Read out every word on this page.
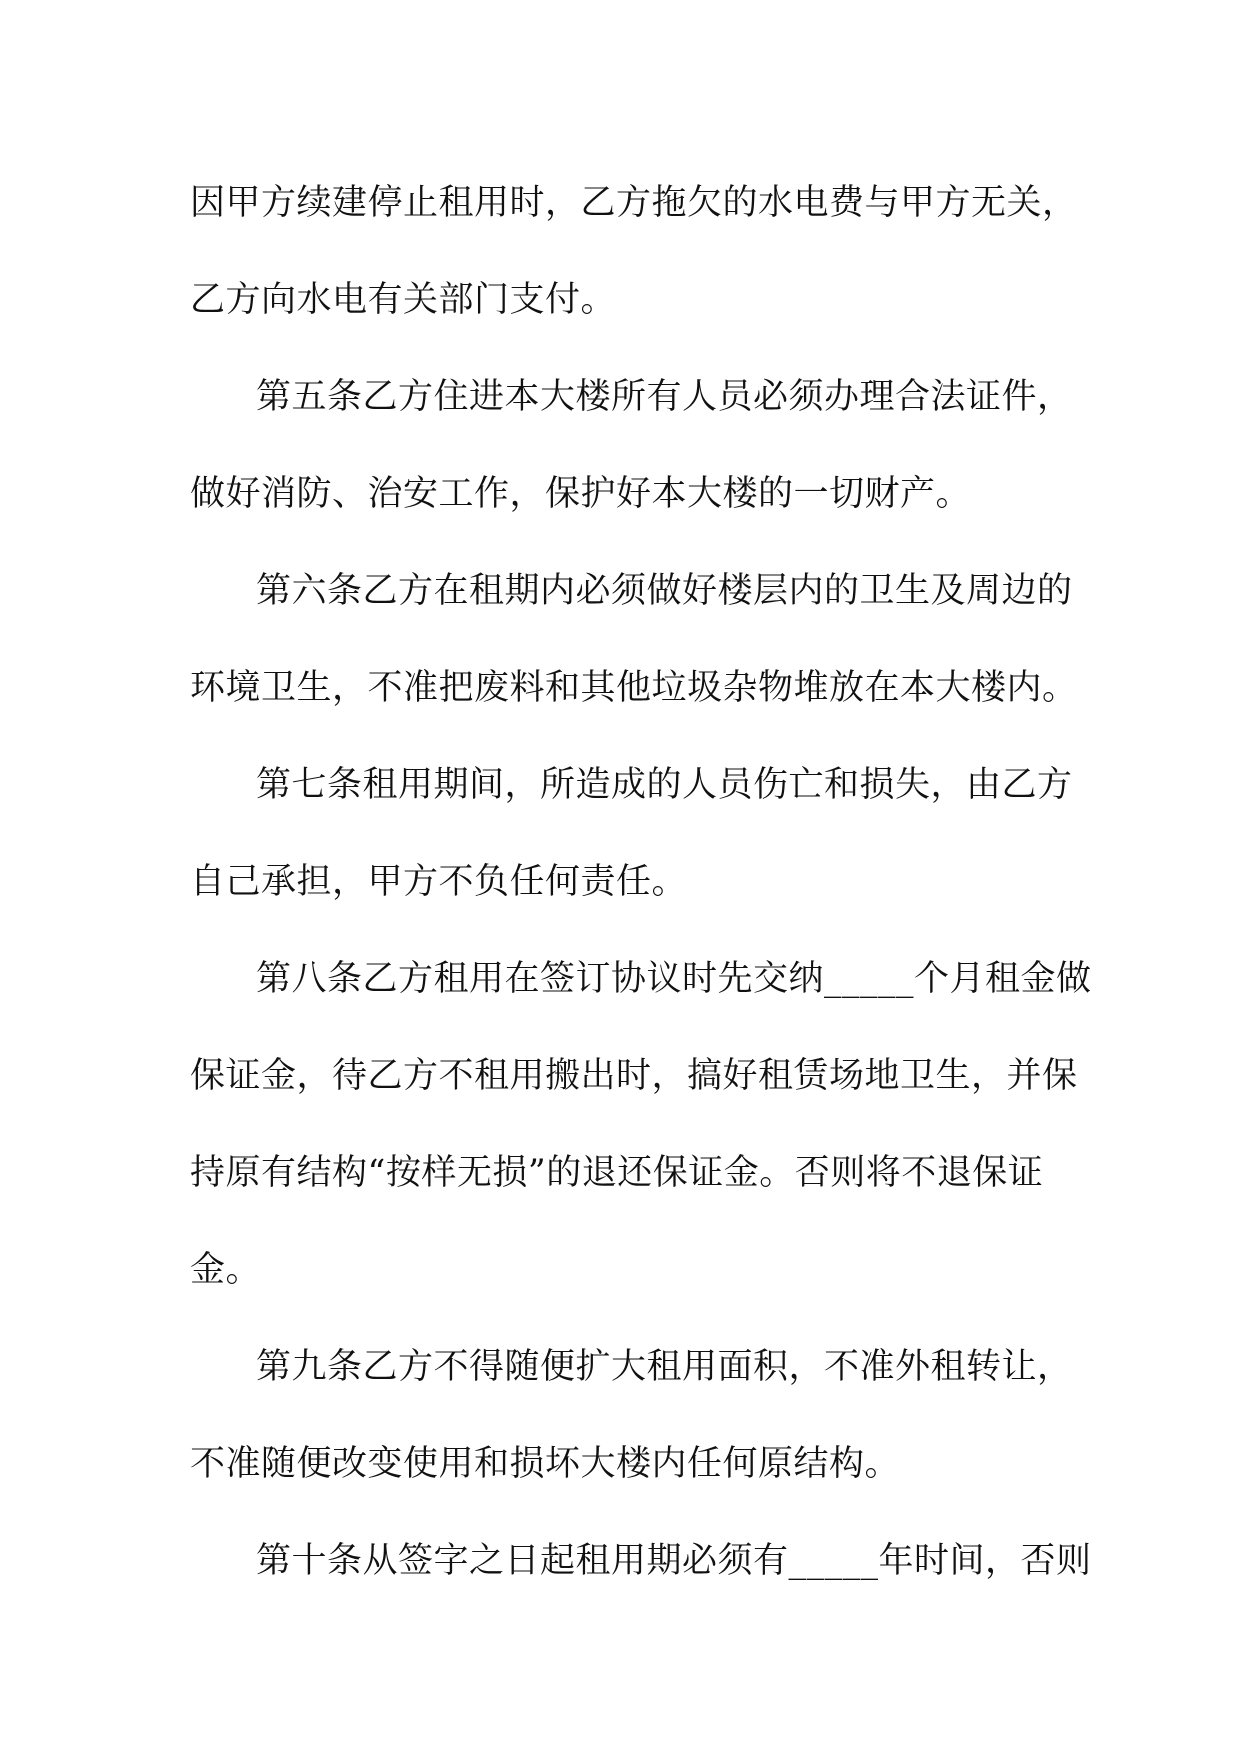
因甲方续建停止租用时，乙方拖欠的水电费与甲方无关，
乙方向水电有关部门支付。
第五条乙方住进本大楼所有人员必须办理合法证件，
做好消防、治安工作，保护好本大楼的一切财产。
第六条乙方在租期内必须做好楼层内的卫生及周边的
环境卫生，不准把废料和其他垃圾杂物堆放在本大楼内。
第七条租用期间，所造成的人员伤亡和损失，由乙方
自己承担，甲方不负任何责任。
第八条乙方租用在签订协议时先交纳_____个月租金做
保证金，待乙方不租用搬出时，搞好租赁场地卫生，并保
持原有结构“按样无损”的退还保证金。否则将不退保证
金。
第九条乙方不得随便扩大租用面积，不准外租转让，
不准随便改变使用和损坏大楼内任何原结构。
第十条从签字之日起租用期必须有_____年时间，否则
